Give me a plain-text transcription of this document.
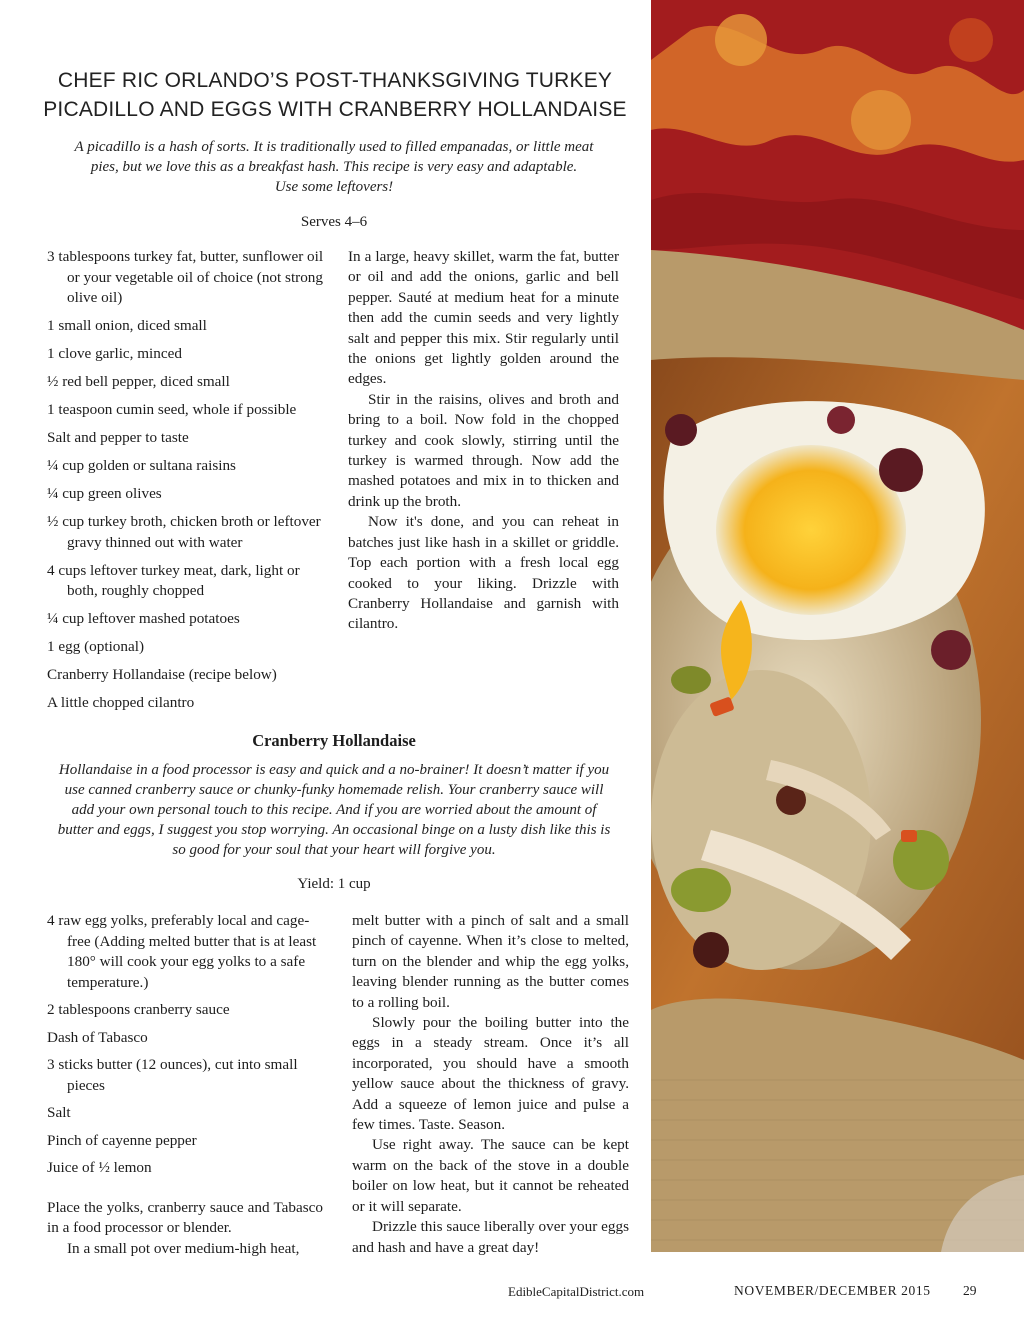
CHEF RIC ORLANDO’S POST-THANKSGIVING TURKEY
PICADILLO AND EGGS WITH CRANBERRY HOLLANDAISE
A picadillo is a hash of sorts. It is traditionally used to filled empanadas, or little meat
pies, but we love this as a breakfast hash. This recipe is very easy and adaptable.
Use some leftovers!
Serves 4–6
3 tablespoons turkey fat, butter, sunflower oil or your vegetable oil of choice (not strong olive oil)
1 small onion, diced small
1 clove garlic, minced
½ red bell pepper, diced small
1 teaspoon cumin seed, whole if possible
Salt and pepper to taste
¼ cup golden or sultana raisins
¼ cup green olives
½ cup turkey broth, chicken broth or leftover gravy thinned out with water
4 cups leftover turkey meat, dark, light or both, roughly chopped
¼ cup leftover mashed potatoes
1 egg (optional)
Cranberry Hollandaise (recipe below)
A little chopped cilantro

In a large, heavy skillet, warm the fat, butter or oil and add the onions, garlic and bell pepper. Sauté at medium heat for a minute then add the cumin seeds and very lightly salt and pepper this mix. Stir regularly until the onions get lightly golden around the edges.

Stir in the raisins, olives and broth and bring to a boil. Now fold in the chopped turkey and cook slowly, stirring until the turkey is warmed through. Now add the mashed potatoes and mix in to thicken and drink up the broth.

Now it's done, and you can reheat in batches just like hash in a skillet or griddle. Top each portion with a fresh local egg cooked to your liking. Drizzle with Cranberry Hollandaise and garnish with cilantro.

Cranberry Hollandaise
Hollandaise in a food processor is easy and quick and a no-brainer! It doesn’t matter if you
use canned cranberry sauce or chunky-funky homemade relish. Your cranberry sauce will
add your own personal touch to this recipe. And if you are worried about the amount of
butter and eggs, I suggest you stop worrying. An occasional binge on a lusty dish like this is
so good for your soul that your heart will forgive you.
Yield: 1 cup
4 raw egg yolks, preferably local and cage-free (Adding melted butter that is at least 180° will cook your egg yolks to a safe temperature.)
2 tablespoons cranberry sauce
Dash of Tabasco
3 sticks butter (12 ounces), cut into small pieces
Salt
Pinch of cayenne pepper
Juice of ½ lemon

Place the yolks, cranberry sauce and Tabasco in a food processor or blender.

In a small pot over medium-high heat,

melt butter with a pinch of salt and a small pinch of cayenne. When it’s close to melted, turn on the blender and whip the egg yolks, leaving blender running as the butter comes to a rolling boil.

Slowly pour the boiling butter into the eggs in a steady stream. Once it’s all incorporated, you should have a smooth yellow sauce about the thickness of gravy. Add a squeeze of lemon juice and pulse a few times. Taste. Season.

Use right away. The sauce can be kept warm on the back of the stove in a double boiler on low heat, but it cannot be reheated or it will separate.

Drizzle this sauce liberally over your eggs and hash and have a great day!

EdibleCapitalDistrict.com	NOVEMBER/DECEMBER 2015 29
